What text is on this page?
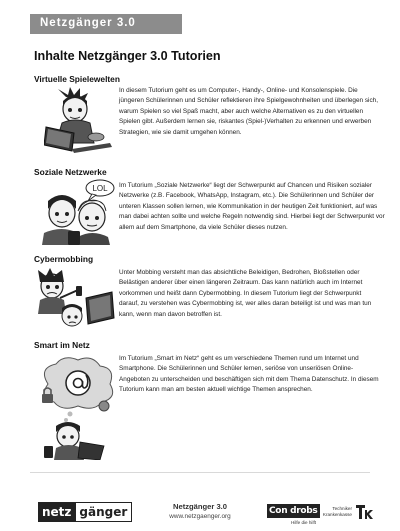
Netzgänger 3.0
Inhalte Netzgänger 3.0 Tutorien
Virtuelle Spielewelten
In diesem Tutorium geht es um Computer-, Handy-, Online- und Konsolenspiele. Die jüngeren Schülerinnen und Schüler reflektieren ihre Spielgewohnheiten und überlegen sich, warum Spielen so viel Spaß macht, aber auch welche Alternativen es zu den virtuellen Spielen gibt. Außerdem lernen sie, riskantes (Spiel-)Verhalten zu erkennen und erwerben Strategien, wie sie damit umgehen können.
Soziale Netzwerke
LOL Im Tutorium „Soziale Netzwerke“ liegt der Schwerpunkt auf Chancen und Risiken sozialer Netzwerke (z.B. Facebook, WhatsApp, Instagram, etc.). Die Schülerinnen und Schüler der unteren Klassen sollen lernen, wie Kommunikation in der heutigen Zeit funktioniert, auf was man dabei achten sollte und welche Regeln notwendig sind. Hierbei liegt der Schwerpunkt vor allem auf dem Smartphone, da viele Schüler dieses nutzen.
Cybermobbing
Unter Mobbing versteht man das absichtliche Beleidigen, Bedrohen, Bloßstellen oder Belästigen anderer über einen längeren Zeitraum. Das kann natürlich auch im Internet vorkommen und heißt dann Cybermobbing. In diesem Tutorium liegt der Schwerpunkt darauf, zu verstehen was Cybermobbing ist, wer alles daran beteiligt ist und was man tun kann, wenn man davon betroffen ist.
Smart im Netz
Im Tutorium „Smart im Netz“ geht es um verschiedene Themen rund um Internet und Smartphone. Die Schülerinnen und Schüler lernen, seriöse von unseriösen Online-Angeboten zu unterscheiden und beschäftigen sich mit dem Thema Datenschutz. In diesem Tutorium kann man am besten aktuell wichtige Themen ansprechen.
netz gänger	Netzgänger 3.0
www.netzgaenger.org
Con drobs
Hilfe die hilft
Techniker
Krankenkasse
